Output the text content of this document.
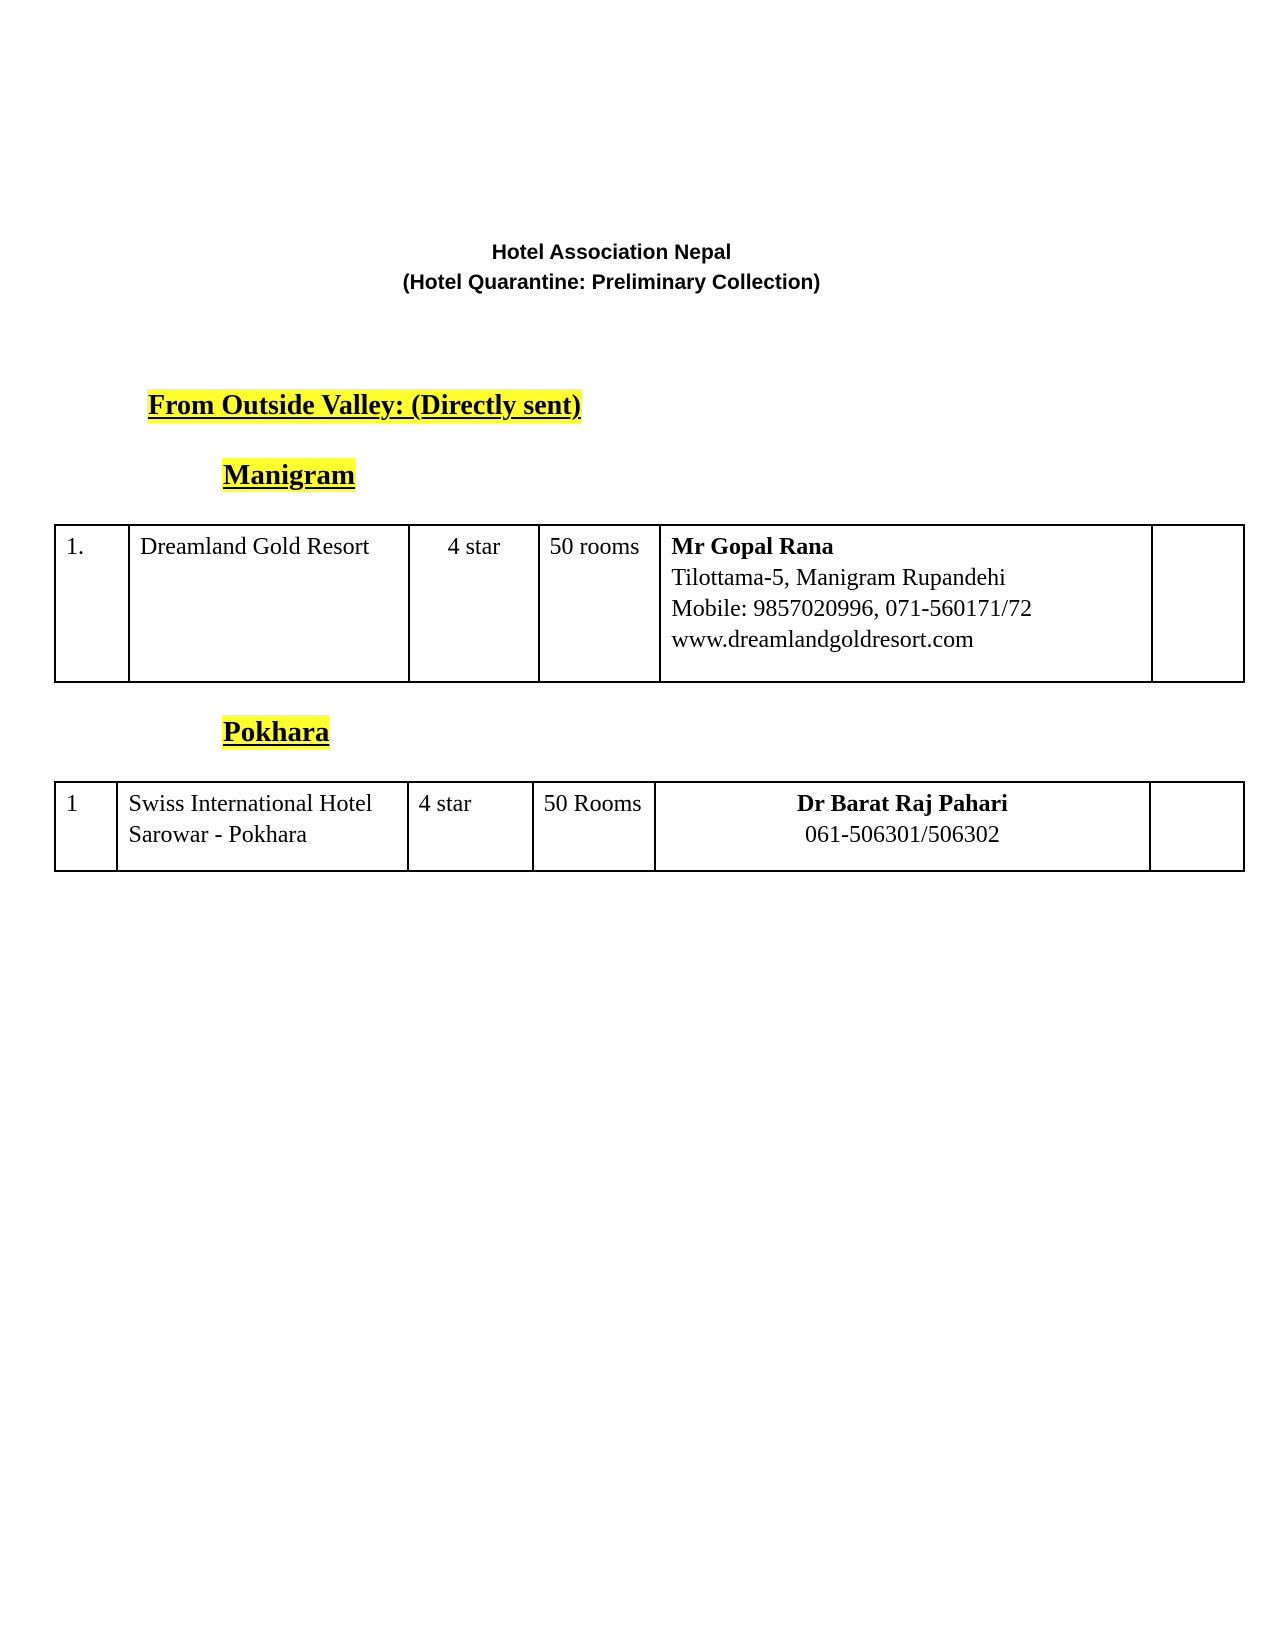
Hotel Association Nepal
(Hotel Quarantine: Preliminary Collection)
From Outside Valley: (Directly sent)
Manigram
1.	Dreamland Gold Resort	4 star	50 rooms	Mr Gopal Rana
Tilottama-5, Manigram Rupandehi
Mobile: 9857020996, 071-560171/72
www.dreamlandgoldresort.com

Pokhara
1	Swiss International Hotel Sarowar - Pokhara	4 star	50 Rooms	Dr Barat Raj Pahari
061-506301/506302
